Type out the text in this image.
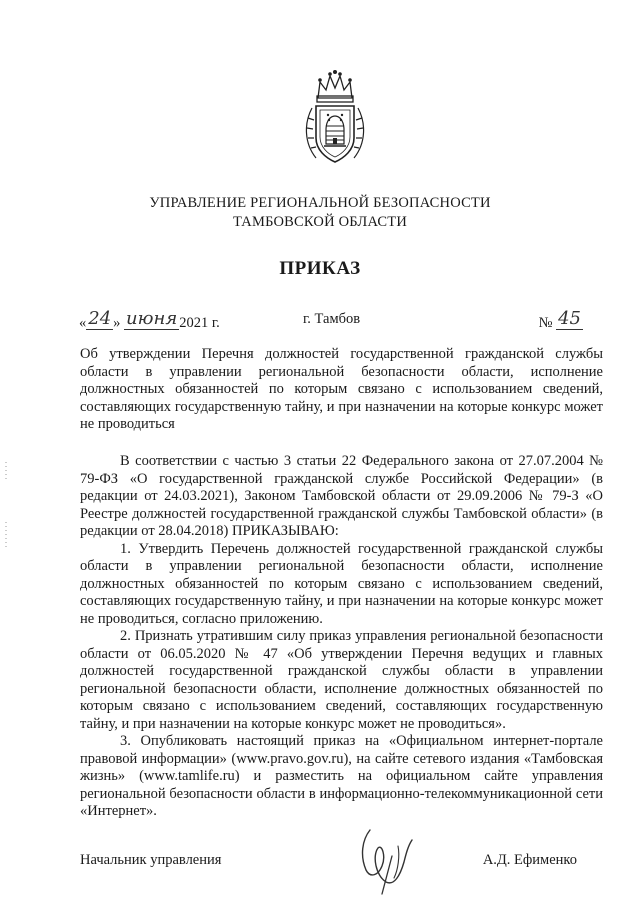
УПРАВЛЕНИЕ РЕГИОНАЛЬНОЙ БЕЗОПАСНОСТИ
ТАМБОВСКОЙ ОБЛАСТИ
ПРИКАЗ
« 24 » июня 2021 г.	г. Тамбов	№ 45
Об утверждении Перечня должностей государственной гражданской службы области в управлении региональной безопасности области, исполнение должностных обязанностей по которым связано с использованием сведений, составляющих государственную тайну, и при назначении на которые конкурс может не проводиться

В соответствии с частью 3 статьи 22 Федерального закона от 27.07.2004 № 79-ФЗ «О государственной гражданской службе Российской Федерации» (в редакции от 24.03.2021), Законом Тамбовской области от 29.09.2006 № 79-З «О Реестре должностей государственной гражданской службы Тамбовской области» (в редакции от 28.04.2018) ПРИКАЗЫВАЮ:

1. Утвердить Перечень должностей государственной гражданской службы области в управлении региональной безопасности области, исполнение должностных обязанностей по которым связано с использованием сведений, составляющих государственную тайну, и при назначении на которые конкурс может не проводиться, согласно приложению.

2. Признать утратившим силу приказ управления региональной безопасности области от 06.05.2020 № 47 «Об утверждении Перечня ведущих и главных должностей государственной гражданской службы области в управлении региональной безопасности области, исполнение должностных обязанностей по которым связано с использованием сведений, составляющих государственную тайну, и при назначении на которые конкурс может не проводиться».

3. Опубликовать настоящий приказ на «Официальном интернет-портале правовой информации» (www.pravo.gov.ru), на сайте сетевого издания «Тамбовская жизнь» (www.tamlife.ru) и разместить на официальном сайте управления региональной безопасности области в информационно-телекоммуникационной сети «Интернет».

Начальник управления	А.Д. Ефименко
